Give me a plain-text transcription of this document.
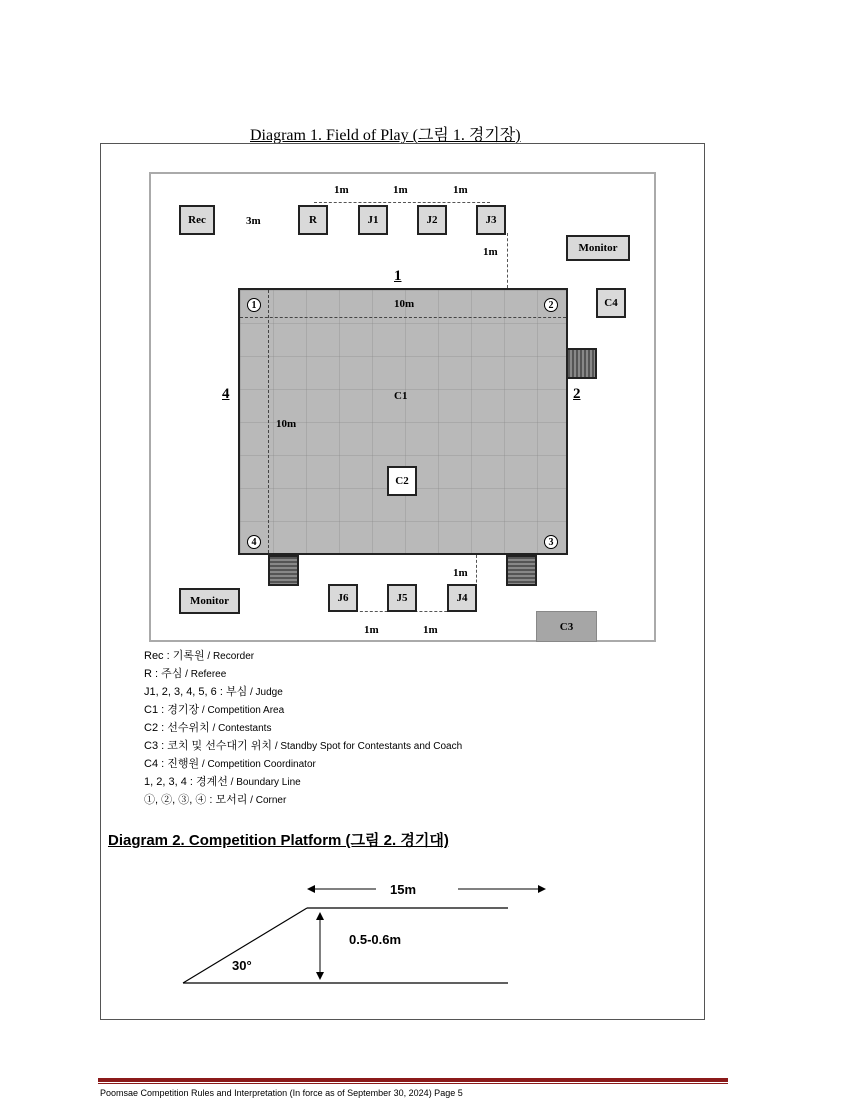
Diagram 1. Field of Play (그림 1. 경기장)
Rec	R	J1	J2	J3
1m	1m	1m
3m
1m	Monitor
1
1	2
3
4
10m
10m
C1
C2
2
4
C4
1m
Monitor	J6	J5	J4
1m	1m	C3
Rec : 기록원 / Recorder
R : 주심 / Referee
J1, 2, 3, 4, 5, 6 : 부심 / Judge
C1 : 경기장 / Competition Area
C2 : 선수위치 / Contestants
C3 : 코치 및 선수대기 위치 / Standby Spot for Contestants and Coach
C4 : 진행원 / Competition Coordinator
1, 2, 3, 4 : 경계선 / Boundary Line
①, ②, ③, ④ : 모서리 / Corner
Diagram 2. Competition Platform (그림 2. 경기대)
15m
0.5-0.6m
30°
Poomsae Competition Rules and Interpretation (In force as of September 30, 2024) Page 5
